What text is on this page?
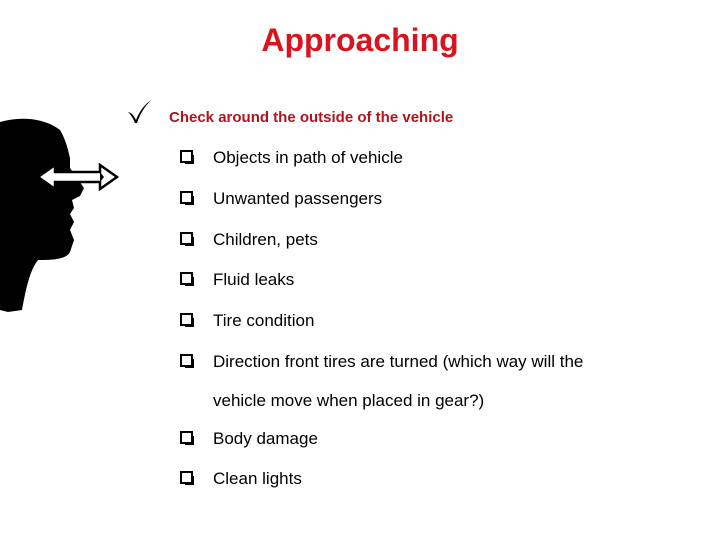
Approaching
Check around the outside of the vehicle
Objects in path of vehicle
Unwanted passengers
Children, pets
Fluid leaks
Tire condition
Direction front tires are turned (which way will the
vehicle move when placed in gear?)
Body damage
Clean lights
